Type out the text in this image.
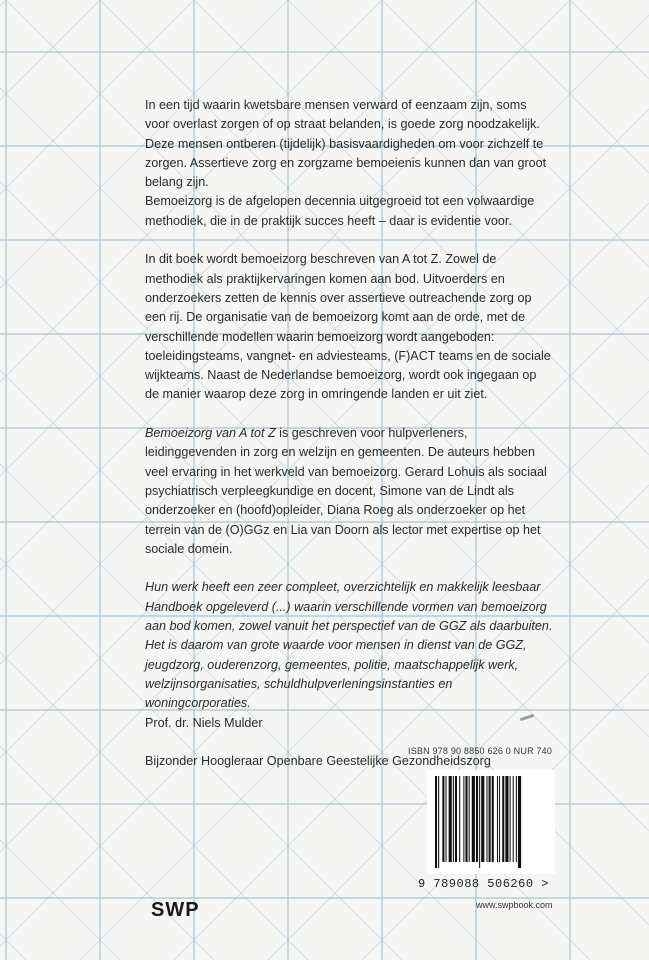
In een tijd waarin kwetsbare mensen verward of eenzaam zijn, soms voor overlast zorgen of op straat belanden, is goede zorg noodzakelijk. Deze mensen ontberen (tijdelijk) basisvaardigheden om voor zichzelf te zorgen. Assertieve zorg en zorgzame bemoeienis kunnen dan van groot belang zijn.
Bemoeizorg is de afgelopen decennia uitgegroeid tot een volwaardige methodiek, die in de praktijk succes heeft – daar is evidentie voor.

In dit boek wordt bemoeizorg beschreven van A tot Z. Zowel de methodiek als praktijkervaringen komen aan bod. Uitvoerders en onderzoekers zetten de kennis over assertieve outreachende zorg op een rij. De organisatie van de bemoeizorg komt aan de orde, met de verschillende modellen waarin bemoeizorg wordt aangeboden: toeleidingsteams, vangnet- en adviesteams, (F)ACT teams en de sociale wijkteams. Naast de Nederlandse bemoeizorg, wordt ook ingegaan op de manier waarop deze zorg in omringende landen er uit ziet.

Bemoeizorg van A tot Z is geschreven voor hulpverleners, leidinggevenden in zorg en welzijn en gemeenten. De auteurs hebben veel ervaring in het werkveld van bemoeizorg. Gerard Lohuis als sociaal psychiatrisch verpleegkundige en docent, Simone van de Lindt als onderzoeker en (hoofd)opleider, Diana Roeg als onderzoeker op het terrein van de (O)GGz en Lia van Doorn als lector met expertise op het sociale domein.

Hun werk heeft een zeer compleet, overzichtelijk en makkelijk leesbaar Handboek opgeleverd (...) waarin verschillende vormen van bemoeizorg aan bod komen, zowel vanuit het perspectief van de GGZ als daarbuiten. Het is daarom van grote waarde voor mensen in dienst van de GGZ, jeugdzorg, ouderenzorg, gemeentes, politie, maatschappelijk werk, welzijnsorganisaties, schuldhulpverleningsinstanties en woningcorporaties.

Prof. dr. Niels Mulder

Bijzonder Hoogleraar Openbare Geestelijke Gezondheidszorg

ISBN 978 90 8850 626 0 NUR 740
9 789088 506260 >
www.swpbook.com
SWP
